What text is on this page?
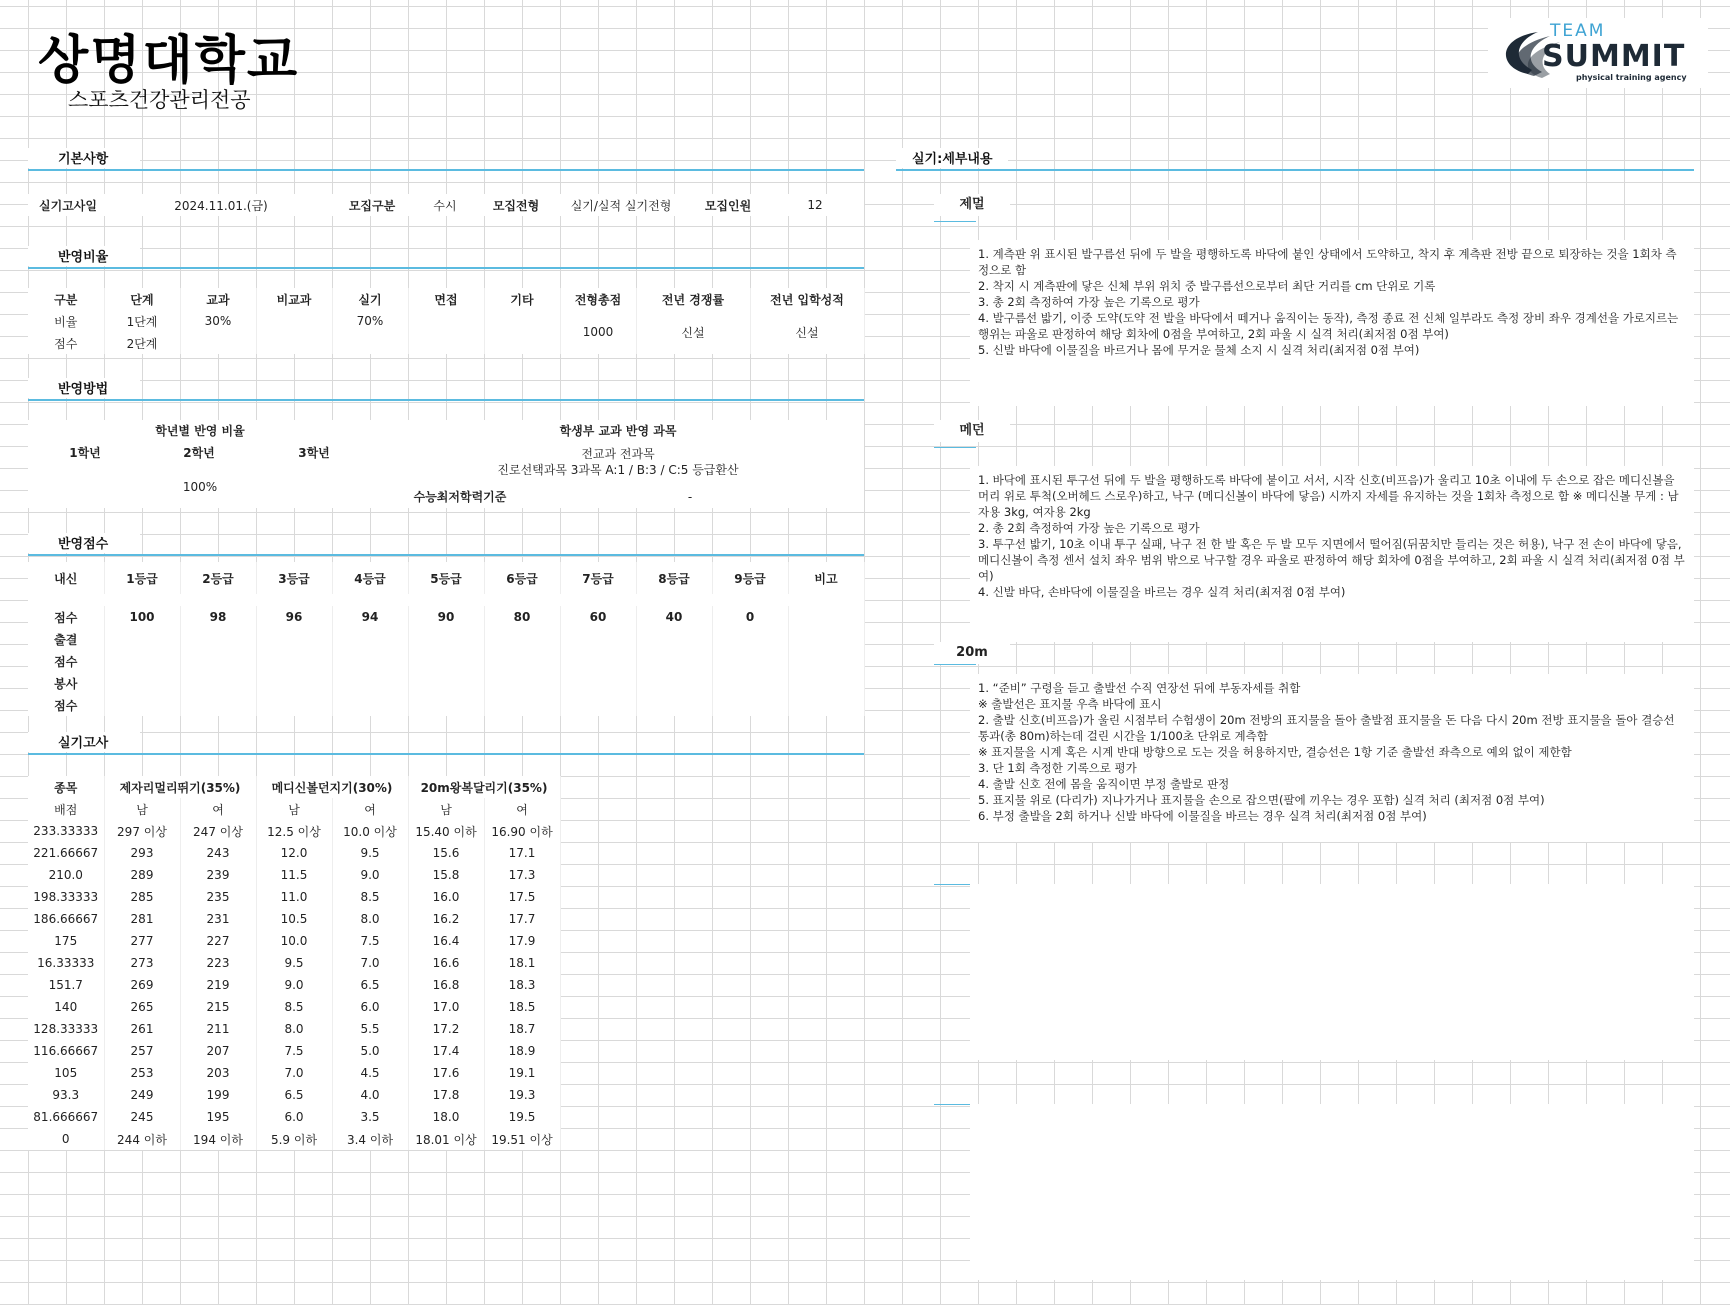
상명대학교
스포츠건강관리전공
TEAM
SUMMIT
physical training agency
기본사항
실기고사일	2024.11.01.(금)	모집구분	수시	모집전형	실기/실적 실기전형	모집인원	12
반영비율
구분	단계	교과	비교과	실기	면접	기타	전형총점	전년 경쟁률	전년 입학성적
비율	1단계	30%		70%			1000	신설	신설
점수	2단계								
반영방법
학년별 반영 비율
1학년	2학년	3학년
100%
학생부 교과 반영 과목
전교과 전과목
진로선택과목 3과목 A:1 / B:3 / C:5 등급환산
수능최저학력기준	-
반영점수
내신	1등급	2등급	3등급	4등급	5등급	6등급	7등급	8등급	9등급	비고

점수	100	98	96	94	90	80	60	40	0	
출결										
점수										
봉사										
점수										
실기고사
종목	제자리멀리뛰기(35%)		메디신볼던지기(30%)		20m왕복달리기(35%)	
배점	남	여	남	여	남	여
233.33333	297 이상	247 이상	12.5 이상	10.0 이상	15.40 이하	16.90 이하
221.66667	293	243	12.0	9.5	15.6	17.1
210.0	289	239	11.5	9.0	15.8	17.3
198.33333	285	235	11.0	8.5	16.0	17.5
186.66667	281	231	10.5	8.0	16.2	17.7
175	277	227	10.0	7.5	16.4	17.9
16.33333	273	223	9.5	7.0	16.6	18.1
151.7	269	219	9.0	6.5	16.8	18.3
140	265	215	8.5	6.0	17.0	18.5
128.33333	261	211	8.0	5.5	17.2	18.7
116.66667	257	207	7.5	5.0	17.4	18.9
105	253	203	7.0	4.5	17.6	19.1
93.3	249	199	6.5	4.0	17.8	19.3
81.666667	245	195	6.0	3.5	18.0	19.5
0	244 이하	194 이하	5.9 이하	3.4 이하	18.01 이상	19.51 이상
실기:세부내용
제멀
1. 계측판 위 표시된 발구름선 뒤에 두 발을 평행하도록 바닥에 붙인 상태에서 도약하고, 착지 후 계측판 전방 끝으로 퇴장하는 것을 1회차 측정으로 함
2. 착지 시 계측판에 닿은 신체 부위 위치 중 발구름선으로부터 최단 거리를 cm 단위로 기록
3. 총 2회 측정하여 가장 높은 기록으로 평가
4. 발구름선 밟기, 이중 도약(도약 전 발을 바닥에서 떼거나 움직이는 동작), 측정 종료 전 신체 일부라도 측정 장비 좌우 경계선을 가로지르는 행위는 파울로 판정하여 해당 회차에 0점을 부여하고, 2회 파울 시 실격 처리(최저점 0점 부여)
5. 신발 바닥에 이물질을 바르거나 몸에 무거운 물체 소지 시 실격 처리(최저점 0점 부여)
메던
1. 바닥에 표시된 투구선 뒤에 두 발을 평행하도록 바닥에 붙이고 서서, 시작 신호(비프음)가 울리고 10초 이내에 두 손으로 잡은 메디신볼을 머리 위로 투척(오버헤드 스로우)하고, 낙구 (메디신볼이 바닥에 닿음) 시까지 자세를 유지하는 것을 1회차 측정으로 함 ※ 메디신볼 무게 : 남자용 3kg, 여자용 2kg
2. 총 2회 측정하여 가장 높은 기록으로 평가
3. 투구선 밟기, 10초 이내 투구 실패, 낙구 전 한 발 혹은 두 발 모두 지면에서 떨어짐(뒤꿈치만 들리는 것은 허용), 낙구 전 손이 바닥에 닿음, 메디신볼이 측정 센서 설치 좌우 범위 밖으로 낙구할 경우 파울로 판정하여 해당 회차에 0점을 부여하고, 2회 파울 시 실격 처리(최저점 0점 부여)
4. 신발 바닥, 손바닥에 이물질을 바르는 경우 실격 처리(최저점 0점 부여)
20m
1. “준비” 구령을 듣고 출발선 수직 연장선 뒤에 부동자세를 취함
※ 출발선은 표지물 우측 바닥에 표시
2. 출발 신호(비프음)가 울린 시점부터 수험생이 20m 전방의 표지물을 돌아 출발점 표지물을 돈 다음 다시 20m 전방 표지물을 돌아 결승선 통과(총 80m)하는데 걸린 시간을 1/100초 단위로 계측함
※ 표지물을 시계 혹은 시계 반대 방향으로 도는 것을 허용하지만, 결승선은 1항 기준 출발선 좌측으로 예외 없이 제한함
3. 단 1회 측정한 기록으로 평가
4. 출발 신호 전에 몸을 움직이면 부정 출발로 판정
5. 표지물 위로 (다리가) 지나가거나 표지물을 손으로 잡으면(팔에 끼우는 경우 포함) 실격 처리 (최저점 0점 부여)
6. 부정 출발을 2회 하거나 신발 바닥에 이물질을 바르는 경우 실격 처리(최저점 0점 부여)
